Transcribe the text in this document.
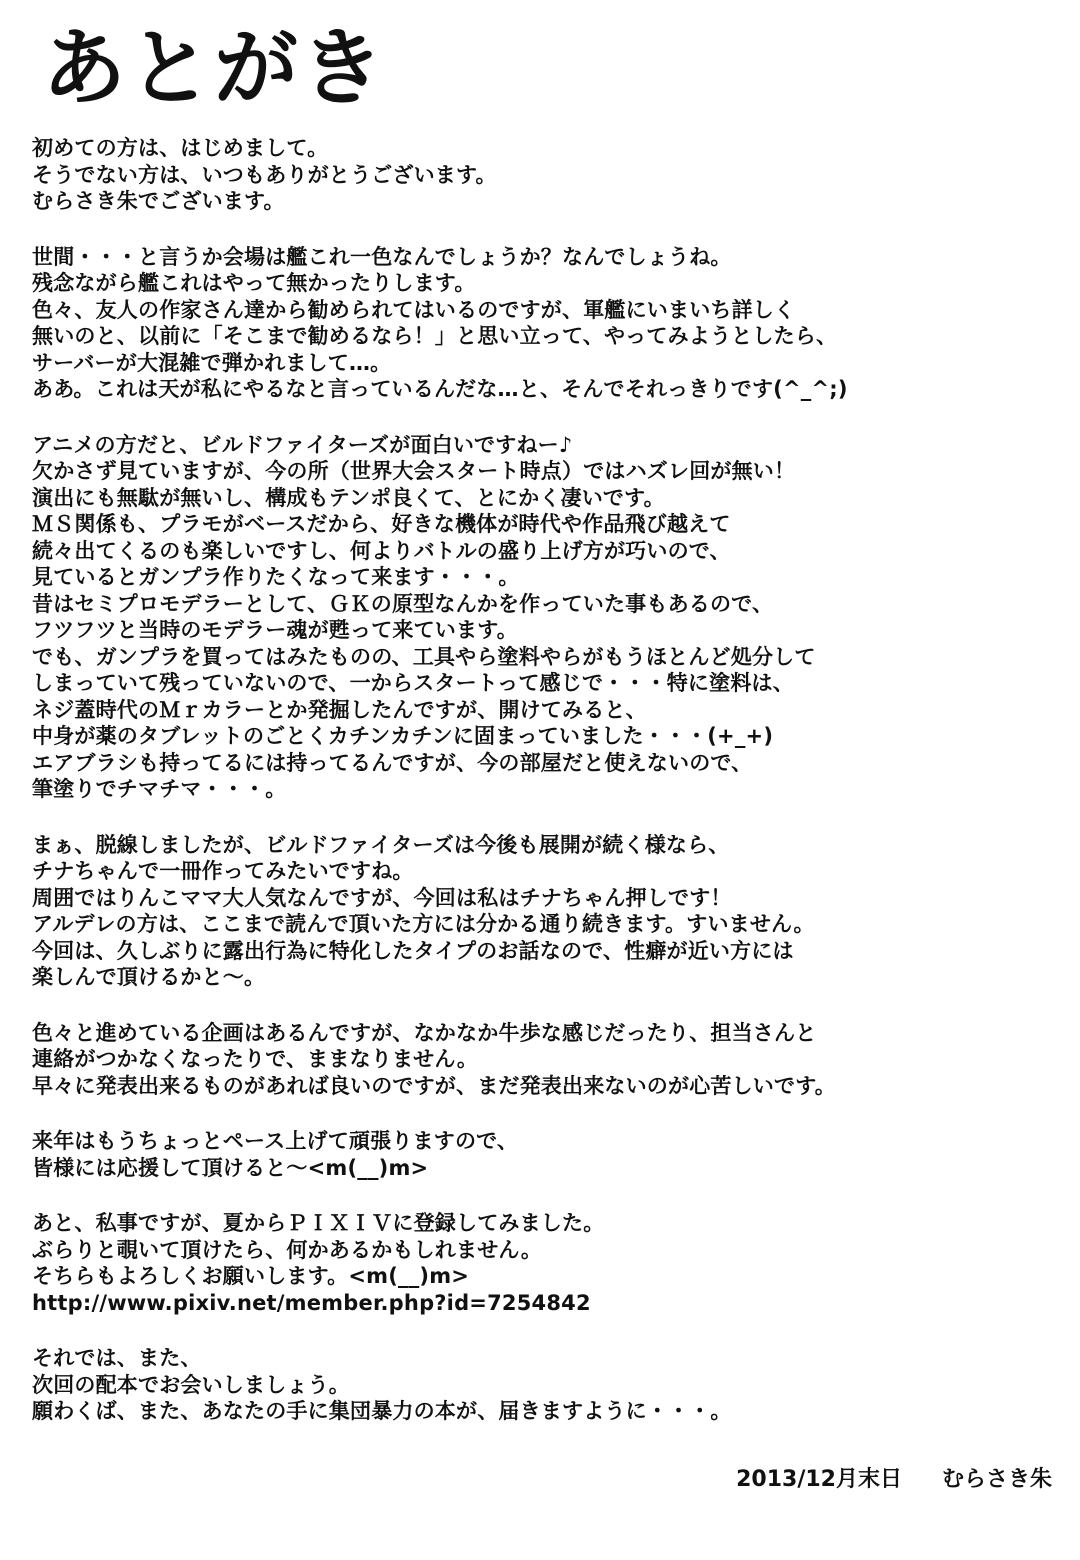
あとがき
初めての方は、はじめまして。
そうでない方は、いつもありがとうございます。
むらさき朱でございます。
世間・・・と言うか会場は艦これ一色なんでしょうか？なんでしょうね。
残念ながら艦これはやって無かったりします。
色々、友人の作家さん達から勧められてはいるのですが、軍艦にいまいち詳しく
無いのと、以前に「そこまで勧めるなら！」と思い立って、やってみようとしたら、
サーバーが大混雑で弾かれまして…。
ああ。これは天が私にやるなと言っているんだな…と、そんでそれっきりです(^_^;)
アニメの方だと、ビルドファイターズが面白いですねー♪
欠かさず見ていますが、今の所（世界大会スタート時点）ではハズレ回が無い！
演出にも無駄が無いし、構成もテンポ良くて、とにかく凄いです。
ＭＳ関係も、プラモがベースだから、好きな機体が時代や作品飛び越えて
続々出てくるのも楽しいですし、何よりバトルの盛り上げ方が巧いので、
見ているとガンプラ作りたくなって来ます・・・。
昔はセミプロモデラーとして、ＧＫの原型なんかを作っていた事もあるので、
フツフツと当時のモデラー魂が甦って来ています。
でも、ガンプラを買ってはみたものの、工具やら塗料やらがもうほとんど処分して
しまっていて残っていないので、一からスタートって感じで・・・特に塗料は、
ネジ蓋時代のＭｒカラーとか発掘したんですが、開けてみると、
中身が薬のタブレットのごとくカチンカチンに固まっていました・・・(+_+)
エアブラシも持ってるには持ってるんですが、今の部屋だと使えないので、
筆塗りでチマチマ・・・。
まぁ、脱線しましたが、ビルドファイターズは今後も展開が続く様なら、
チナちゃんで一冊作ってみたいですね。
周囲ではりんこママ大人気なんですが、今回は私はチナちゃん押しです！
アルデレの方は、ここまで読んで頂いた方には分かる通り続きます。すいません。
今回は、久しぶりに露出行為に特化したタイプのお話なので、性癖が近い方には
楽しんで頂けるかと～。
色々と進めている企画はあるんですが、なかなか牛歩な感じだったり、担当さんと
連絡がつかなくなったりで、ままなりません。
早々に発表出来るものがあれば良いのですが、まだ発表出来ないのが心苦しいです。
来年はもうちょっとペース上げて頑張りますので、
皆様には応援して頂けると～<m(__)m>
あと、私事ですが、夏からＰＩＸＩＶに登録してみました。
ぶらりと覗いて頂けたら、何かあるかもしれません。
そちらもよろしくお願いします。<m(__)m>
http://www.pixiv.net/member.php?id=7254842
それでは、また、
次回の配本でお会いしましょう。
願わくば、また、あなたの手に集団暴力の本が、届きますように・・・。
2013/12月末日 むらさき朱
